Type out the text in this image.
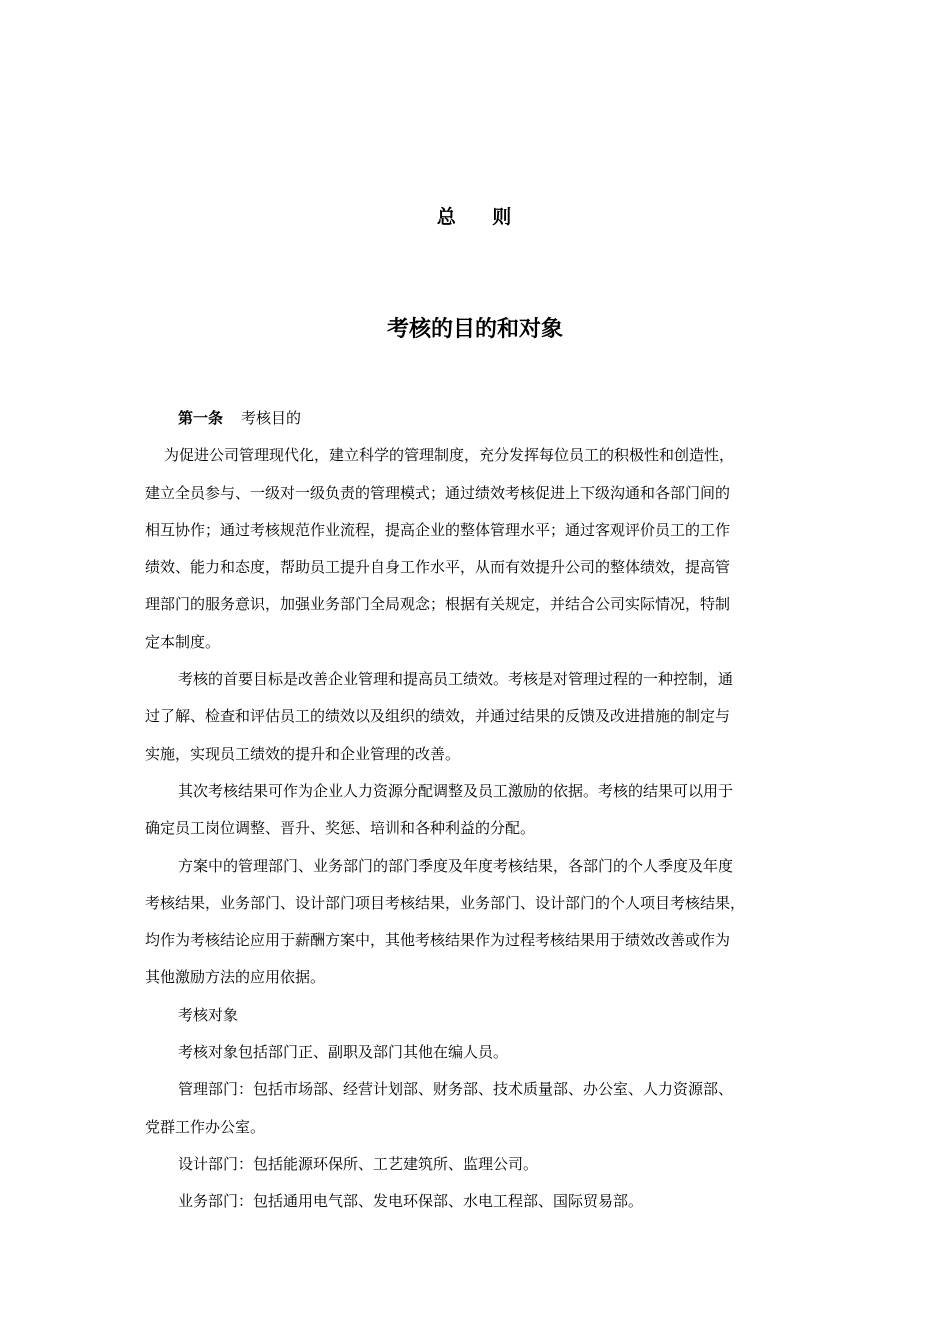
总    则
考核的目的和对象
第一条 考核目的
为促进公司管理现代化，建立科学的管理制度，充分发挥每位员工的积极性和创造性，
建立全员参与、一级对一级负责的管理模式；通过绩效考核促进上下级沟通和各部门间的
相互协作；通过考核规范作业流程，提高企业的整体管理水平；通过客观评价员工的工作
绩效、能力和态度，帮助员工提升自身工作水平，从而有效提升公司的整体绩效，提高管
理部门的服务意识，加强业务部门全局观念；根据有关规定，并结合公司实际情况，特制
定本制度。
考核的首要目标是改善企业管理和提高员工绩效。考核是对管理过程的一种控制，通
过了解、检查和评估员工的绩效以及组织的绩效，并通过结果的反馈及改进措施的制定与
实施，实现员工绩效的提升和企业管理的改善。
其次考核结果可作为企业人力资源分配调整及员工激励的依据。考核的结果可以用于
确定员工岗位调整、晋升、奖惩、培训和各种利益的分配。
方案中的管理部门、业务部门的部门季度及年度考核结果，各部门的个人季度及年度
考核结果，业务部门、设计部门项目考核结果，业务部门、设计部门的个人项目考核结果，
均作为考核结论应用于薪酬方案中，其他考核结果作为过程考核结果用于绩效改善或作为
其他激励方法的应用依据。
考核对象
考核对象包括部门正、副职及部门其他在编人员。
管理部门：包括市场部、经营计划部、财务部、技术质量部、办公室、人力资源部、
党群工作办公室。
设计部门：包括能源环保所、工艺建筑所、监理公司。
业务部门：包括通用电气部、发电环保部、水电工程部、国际贸易部。
